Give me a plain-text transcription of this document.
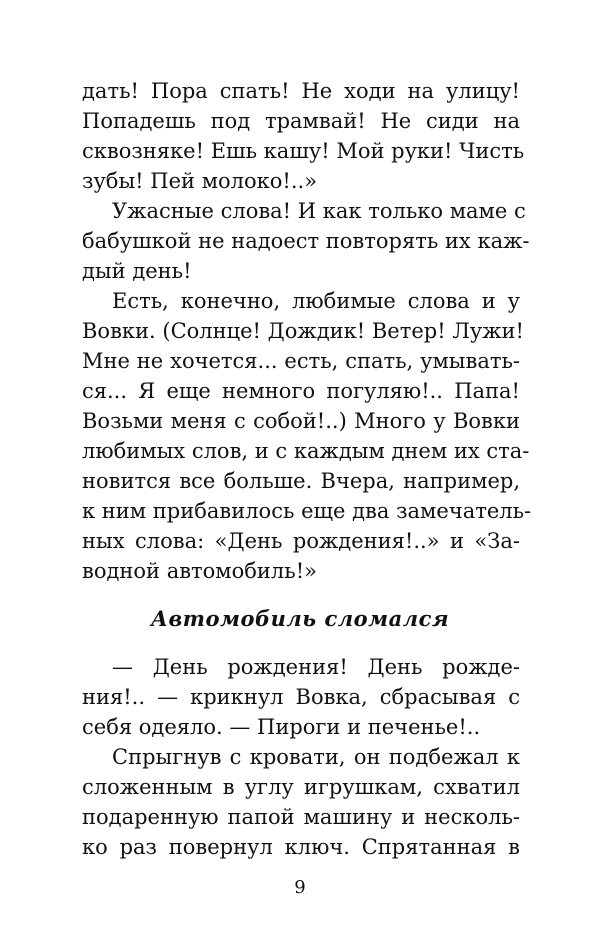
дать! Пора спать! Не ходи на улицу!

Попадешь под трамвай! Не сиди на

сквозняке! Ешь кашу! Мой руки! Чисть

зубы! Пей молоко!..»

Ужасные слова! И как только маме с

бабушкой не надоест повторять их каж-

дый день!

Есть, конечно, любимые слова и у

Вовки. (Солнце! Дождик! Ветер! Лужи!

Мне не хочется... есть, спать, умывать-

ся... Я еще немного погуляю!.. Папа!

Возьми меня с собой!..) Много у Вовки

любимых слов, и с каждым днем их ста-

новится все больше. Вчера, например,

к ним прибавилось еще два замечатель-

ных слова: «День рождения!..» и «За-

водной автомобиль!»

Автомобиль сломался

— День рождения! День рожде-

ния!.. — крикнул Вовка, сбрасывая с

себя одеяло. — Пироги и печенье!..

Спрыгнув с кровати, он подбежал к

сложенным в углу игрушкам, схватил

подаренную папой машину и несколь-

ко раз повернул ключ. Спрятанная в

9
